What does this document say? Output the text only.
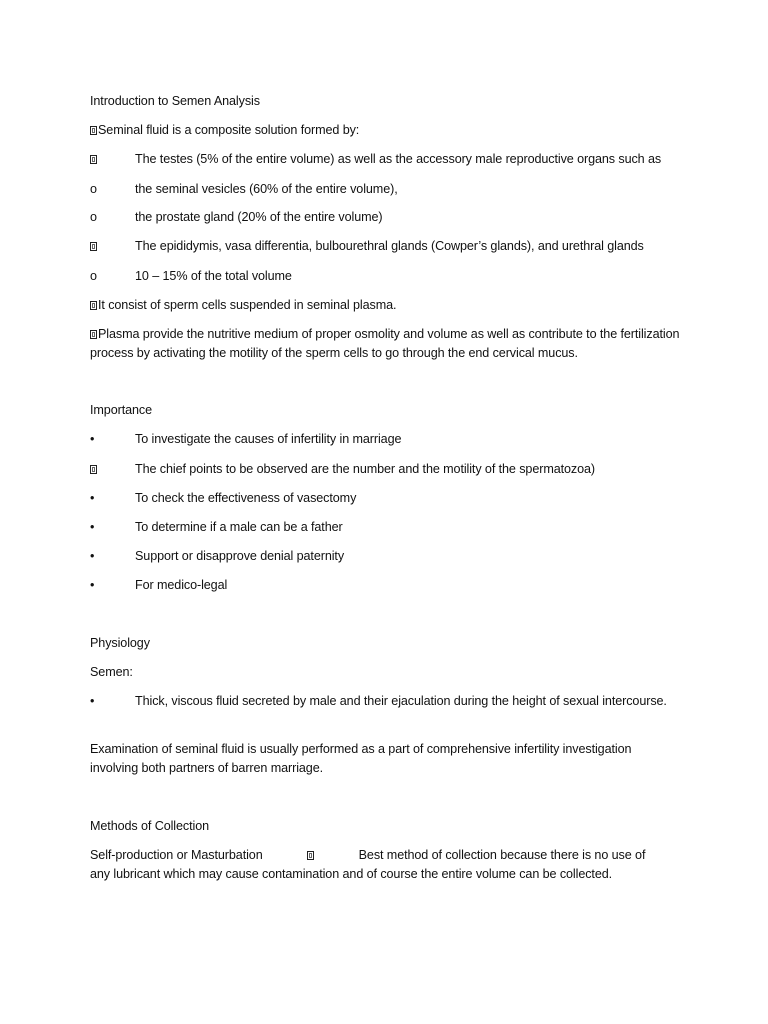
Introduction to Semen Analysis
Seminal fluid is a composite solution formed by:
The testes (5% of the entire volume) as well as the accessory male reproductive organs such as
o	the seminal vesicles (60% of the entire volume),
o	the prostate gland (20% of the entire volume)
The epididymis, vasa differentia, bulbourethral glands (Cowper’s glands), and urethral glands
o	10 – 15% of the total volume
It consist of sperm cells suspended in seminal plasma.
Plasma provide the nutritive medium of proper osmolity and volume as well as contribute to the fertilization process by activating the motility of the sperm cells to go through the end cervical mucus.
Importance
•	To investigate the causes of infertility in marriage
The chief points to be observed are the number and the motility of the spermatozoa)
•	To check the effectiveness of vasectomy
•	To determine if a male can be a father
•	Support or disapprove denial paternity
•	For medico-legal
Physiology
Semen:
•	Thick, viscous fluid secreted by male and their ejaculation during the height of sexual intercourse.
Examination of seminal fluid is usually performed as a part of comprehensive infertility investigation involving both partners of barren marriage.
Methods of Collection
Self-production or Masturbation	Best method of collection because there is no use of
any lubricant which may cause contamination and of course the entire volume can be collected.
